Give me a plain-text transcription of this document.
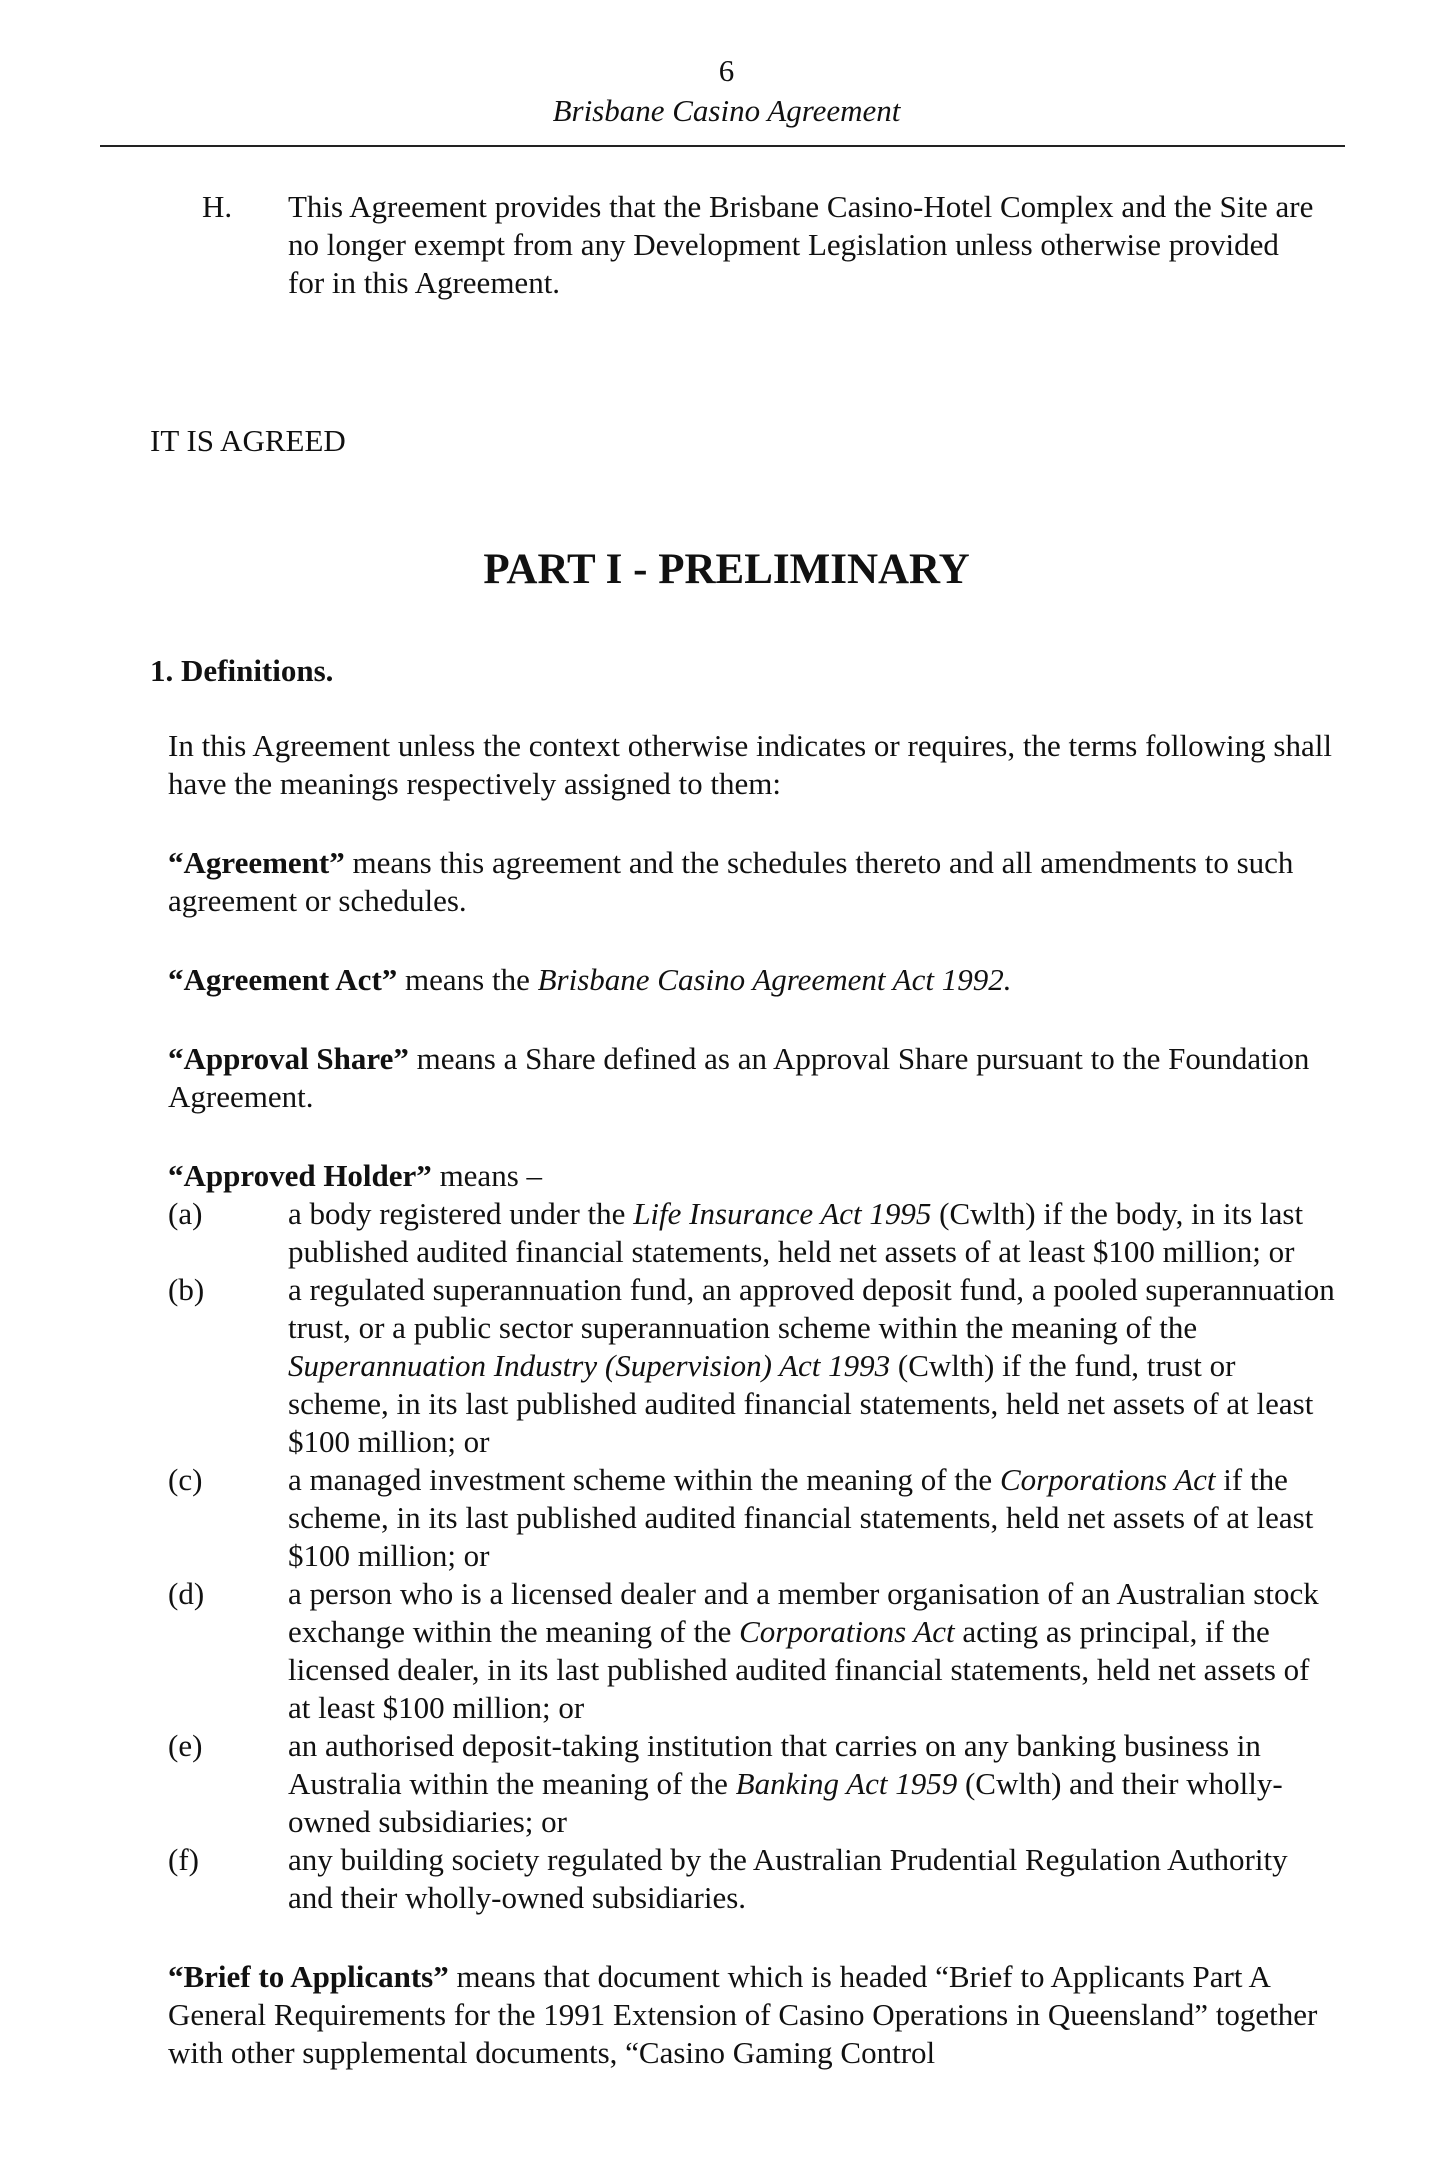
6
Brisbane Casino Agreement
H. This Agreement provides that the Brisbane Casino-Hotel Complex and the Site are no longer exempt from any Development Legislation unless otherwise provided for in this Agreement.
IT IS AGREED
PART I - PRELIMINARY
1. Definitions.

In this Agreement unless the context otherwise indicates or requires, the terms following shall have the meanings respectively assigned to them:

“Agreement” means this agreement and the schedules thereto and all amendments to such agreement or schedules.

“Agreement Act” means the Brisbane Casino Agreement Act 1992.

“Approval Share” means a Share defined as an Approval Share pursuant to the Foundation Agreement.

“Approved Holder” means –
(a)	a body registered under the Life Insurance Act 1995 (Cwlth) if the body, in its last published audited financial statements, held net assets of at least $100 million; or
(b)	a regulated superannuation fund, an approved deposit fund, a pooled superannuation trust, or a public sector superannuation scheme within the meaning of the Superannuation Industry (Supervision) Act 1993 (Cwlth) if the fund, trust or scheme, in its last published audited financial statements, held net assets of at least $100 million; or
(c)	a managed investment scheme within the meaning of the Corporations Act if the scheme, in its last published audited financial statements, held net assets of at least $100 million; or
(d)	a person who is a licensed dealer and a member organisation of an Australian stock exchange within the meaning of the Corporations Act acting as principal, if the licensed dealer, in its last published audited financial statements, held net assets of at least $100 million; or
(e)	an authorised deposit-taking institution that carries on any banking business in Australia within the meaning of the Banking Act 1959 (Cwlth) and their wholly-owned subsidiaries; or
(f)	any building society regulated by the Australian Prudential Regulation Authority and their wholly-owned subsidiaries.

“Brief to Applicants” means that document which is headed “Brief to Applicants Part A General Requirements for the 1991 Extension of Casino Operations in Queensland” together with other supplemental documents, “Casino Gaming Control
